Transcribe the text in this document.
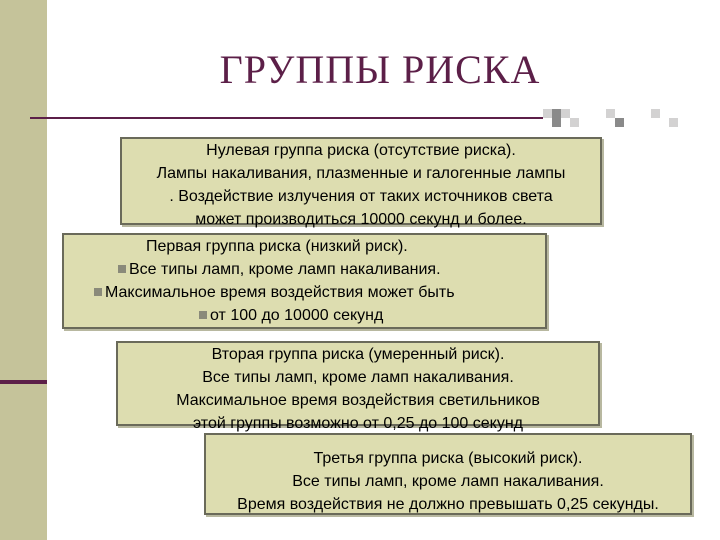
ГРУППЫ РИСКА
Нулевая группа риска (отсутствие риска).
Лампы накаливания, плазменные и галогенные лампы
. Воздействие излучения от таких источников света
может производиться 10000 секунд и более.
Первая группа риска (низкий риск).
Все типы ламп, кроме ламп накаливания.
Максимальное время воздействия может быть
от 100 до 10000 секунд
Вторая группа риска (умеренный риск).
Все типы ламп, кроме ламп накаливания.
Максимальное время воздействия светильников
этой группы возможно от 0,25 до 100 секунд
Третья группа риска (высокий риск).
Все типы ламп, кроме ламп накаливания.
Время воздействия не должно превышать 0,25 секунды.
